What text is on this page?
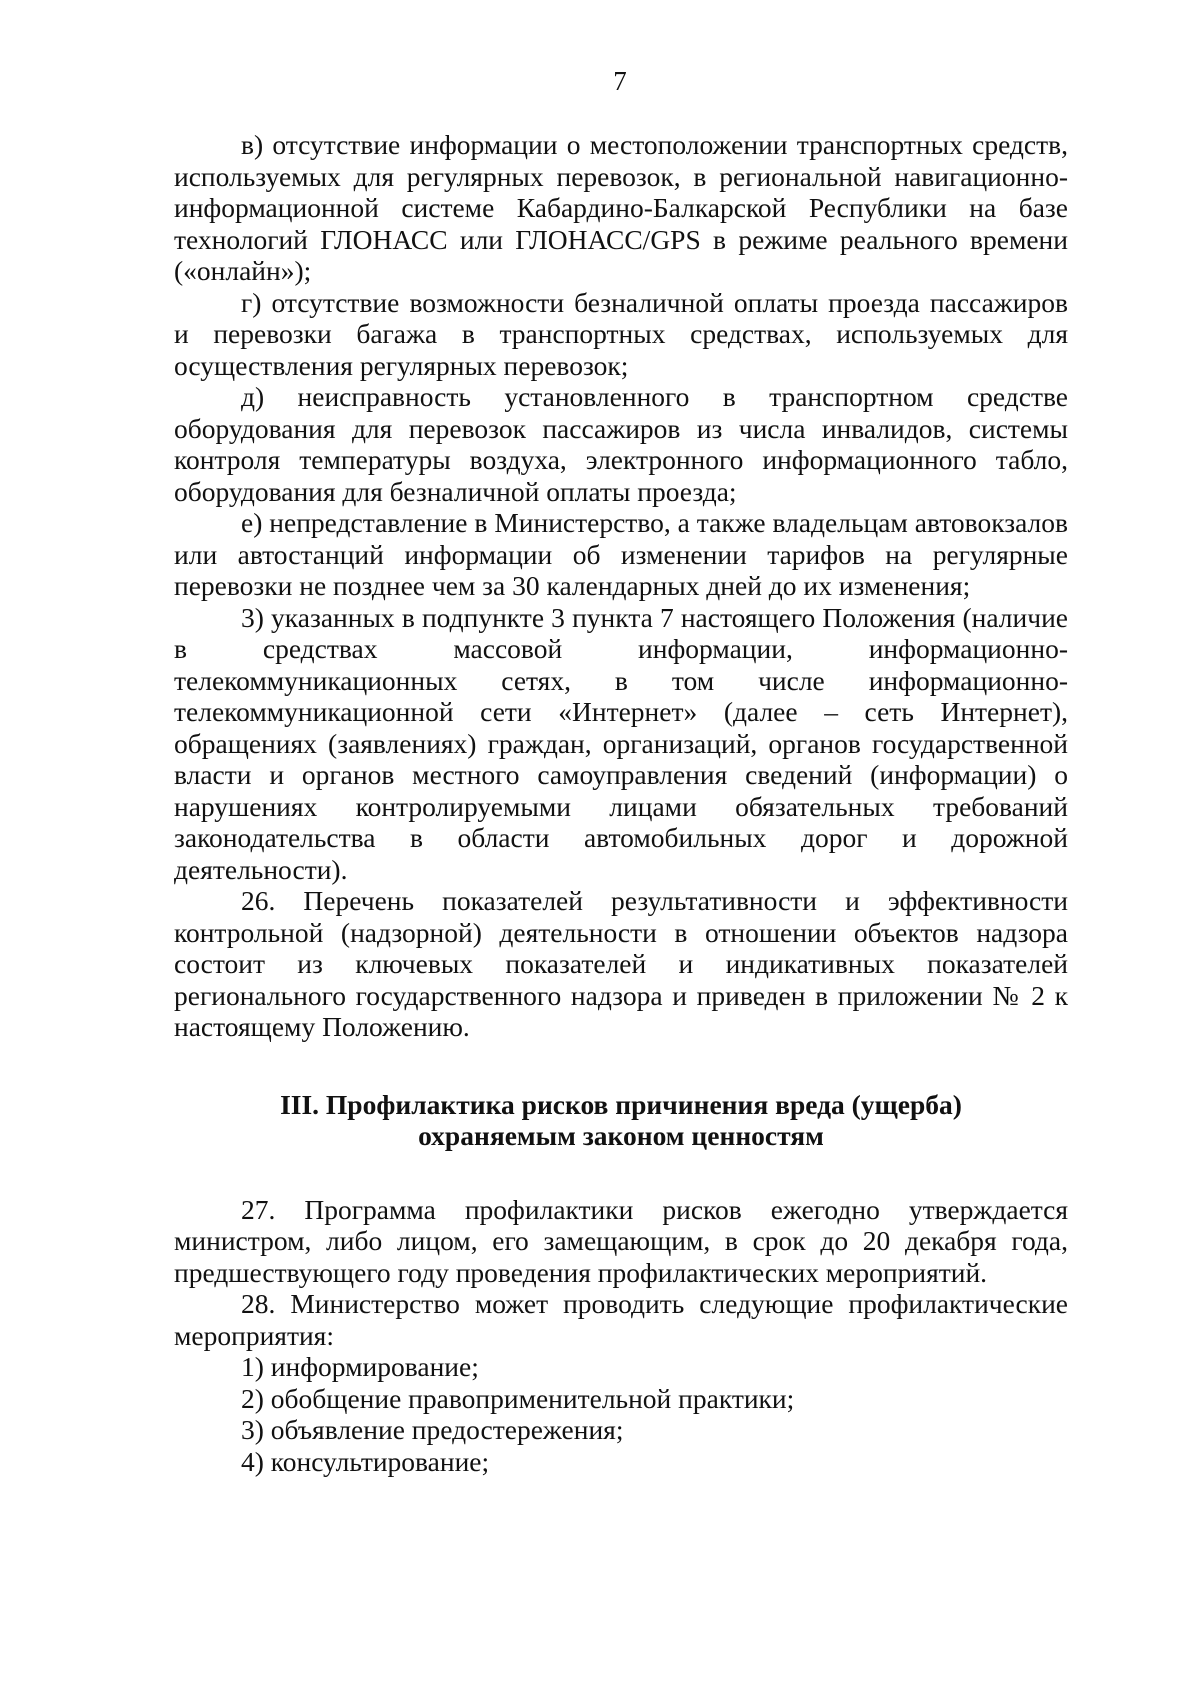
7

в) отсутствие информации о местоположении транспортных средств, используемых для регулярных перевозок, в региональной навигационно-информационной системе Кабардино-Балкарской Республики на базе технологий ГЛОНАСС или ГЛОНАСС/GPS в режиме реального времени («онлайн»);

г) отсутствие возможности безналичной оплаты проезда пассажиров и перевозки багажа в транспортных средствах, используемых для осуществления регулярных перевозок;

д) неисправность установленного в транспортном средстве оборудования для перевозок пассажиров из числа инвалидов, системы контроля температуры воздуха, электронного информационного табло, оборудования для безналичной оплаты проезда;

е) непредставление в Министерство, а также владельцам автовокзалов или автостанций информации об изменении тарифов на регулярные перевозки не позднее чем за 30 календарных дней до их изменения;

3) указанных в подпункте 3 пункта 7 настоящего Положения (наличие в средствах массовой информации, информационно-телекоммуникационных сетях, в том числе информационно-телекоммуникационной сети «Интернет» (далее – сеть Интернет), обращениях (заявлениях) граждан, организаций, органов государственной власти и органов местного самоуправления сведений (информации) о нарушениях контролируемыми лицами обязательных требований законодательства в области автомобильных дорог и дорожной деятельности).

26. Перечень показателей результативности и эффективности контрольной (надзорной) деятельности в отношении объектов надзора состоит из ключевых показателей и индикативных показателей регионального государственного надзора и приведен в приложении № 2 к настоящему Положению.

III. Профилактика рисков причинения вреда (ущерба)
охраняемым законом ценностям

27. Программа профилактики рисков ежегодно утверждается министром, либо лицом, его замещающим, в срок до 20 декабря года, предшествующего году проведения профилактических мероприятий.

28. Министерство может проводить следующие профилактические мероприятия:

1) информирование;

2) обобщение правоприменительной практики;

3) объявление предостережения;

4) консультирование;
